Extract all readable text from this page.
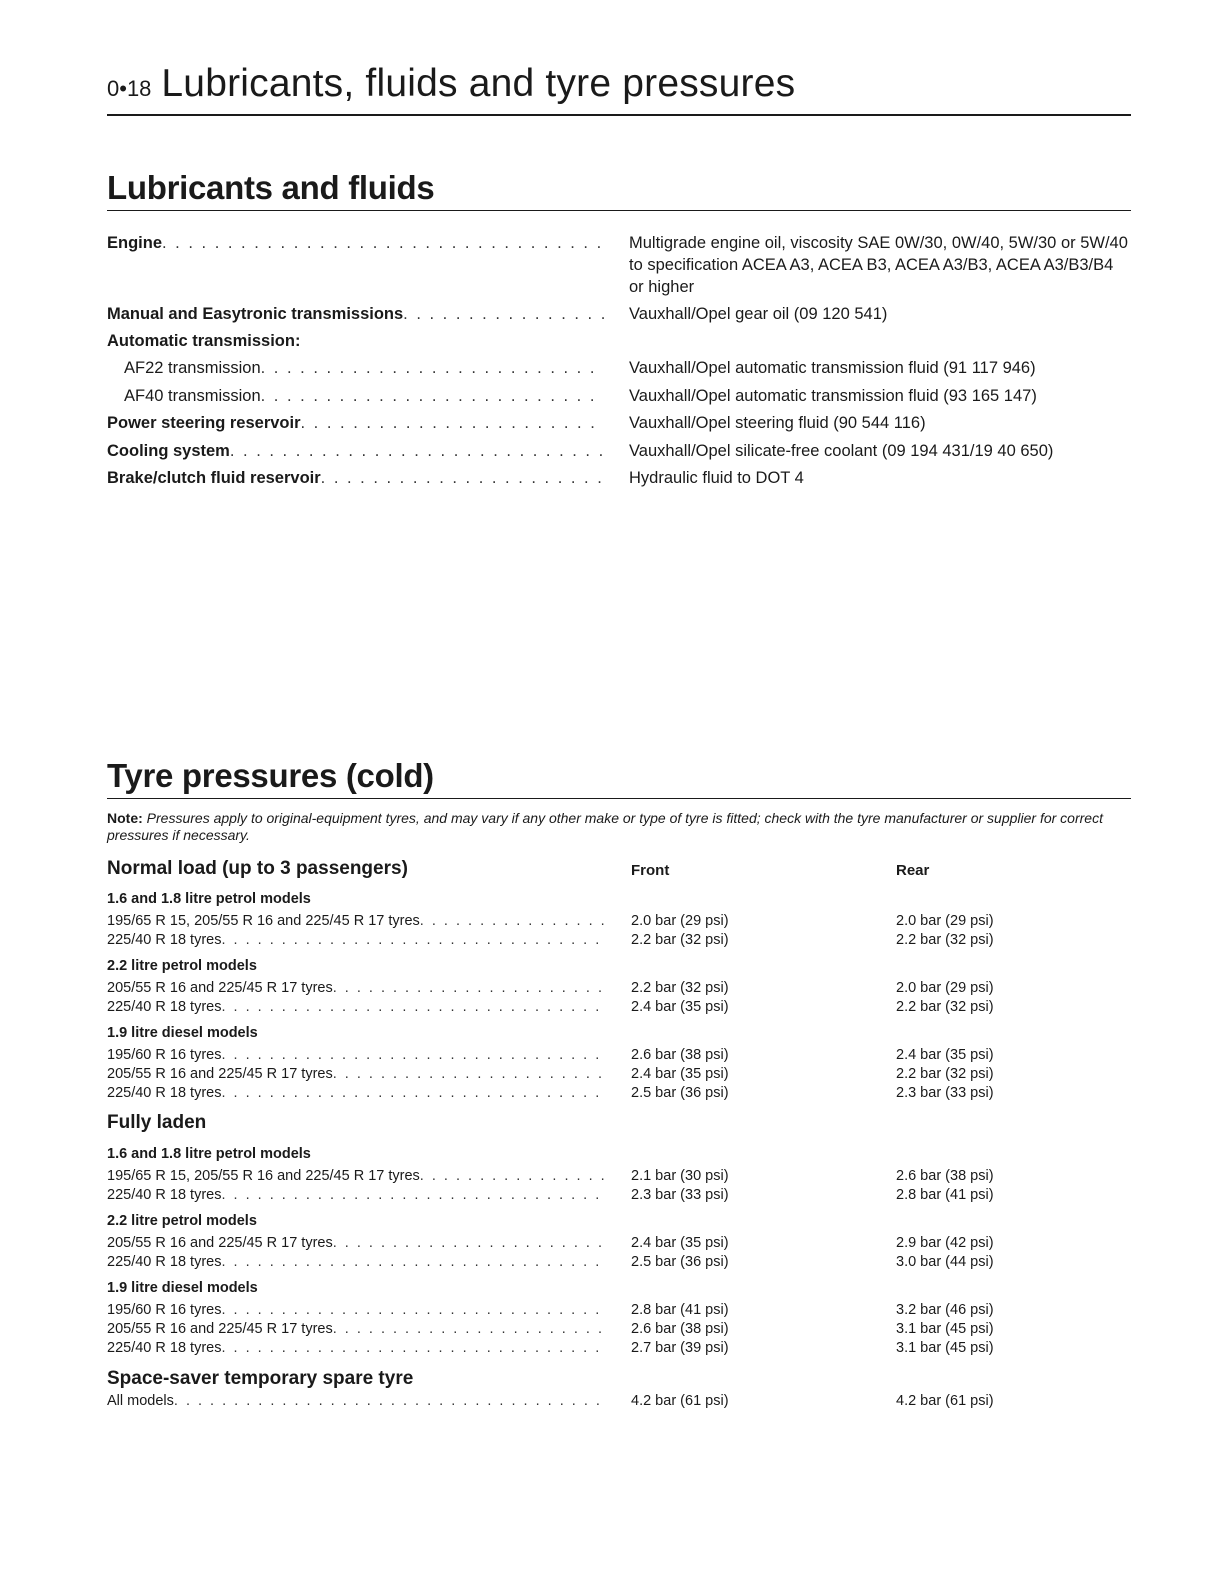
0•18 Lubricants, fluids and tyre pressures
Lubricants and fluids
Engine . . .	Multigrade engine oil, viscosity SAE 0W/30, 0W/40, 5W/30 or 5W/40 to specification ACEA A3, ACEA B3, ACEA A3/B3, ACEA A3/B3/B4 or higher
Manual and Easytronic transmissions . . .	Vauxhall/Opel gear oil (09 120 541)
Automatic transmission:
AF22 transmission . . .	Vauxhall/Opel automatic transmission fluid (91 117 946)
AF40 transmission . . .	Vauxhall/Opel automatic transmission fluid (93 165 147)
Power steering reservoir . . .	Vauxhall/Opel steering fluid (90 544 116)
Cooling system . . .	Vauxhall/Opel silicate-free coolant (09 194 431/19 40 650)
Brake/clutch fluid reservoir . . .	Hydraulic fluid to DOT 4
Tyre pressures (cold)
Note: Pressures apply to original-equipment tyres, and may vary if any other make or type of tyre is fitted; check with the tyre manufacturer or supplier for correct pressures if necessary.
Normal load (up to 3 passengers)	Front	Rear
1.6 and 1.8 litre petrol models
195/65 R 15, 205/55 R 16 and 225/45 R 17 tyres . . .	2.0 bar (29 psi)	2.0 bar (29 psi)
225/40 R 18 tyres . . .	2.2 bar (32 psi)	2.2 bar (32 psi)
2.2 litre petrol models
205/55 R 16 and 225/45 R 17 tyres . . .	2.2 bar (32 psi)	2.0 bar (29 psi)
225/40 R 18 tyres . . .	2.4 bar (35 psi)	2.2 bar (32 psi)
1.9 litre diesel models
195/60 R 16 tyres . . .	2.6 bar (38 psi)	2.4 bar (35 psi)
205/55 R 16 and 225/45 R 17 tyres . . .	2.4 bar (35 psi)	2.2 bar (32 psi)
225/40 R 18 tyres . . .	2.5 bar (36 psi)	2.3 bar (33 psi)
Fully laden
1.6 and 1.8 litre petrol models
195/65 R 15, 205/55 R 16 and 225/45 R 17 tyres . . .	2.1 bar (30 psi)	2.6 bar (38 psi)
225/40 R 18 tyres . . .	2.3 bar (33 psi)	2.8 bar (41 psi)
2.2 litre petrol models
205/55 R 16 and 225/45 R 17 tyres . . .	2.4 bar (35 psi)	2.9 bar (42 psi)
225/40 R 18 tyres . . .	2.5 bar (36 psi)	3.0 bar (44 psi)
1.9 litre diesel models
195/60 R 16 tyres . . .	2.8 bar (41 psi)	3.2 bar (46 psi)
205/55 R 16 and 225/45 R 17 tyres . . .	2.6 bar (38 psi)	3.1 bar (45 psi)
225/40 R 18 tyres . . .	2.7 bar (39 psi)	3.1 bar (45 psi)
Space-saver temporary spare tyre
All models . . .	4.2 bar (61 psi)	4.2 bar (61 psi)
